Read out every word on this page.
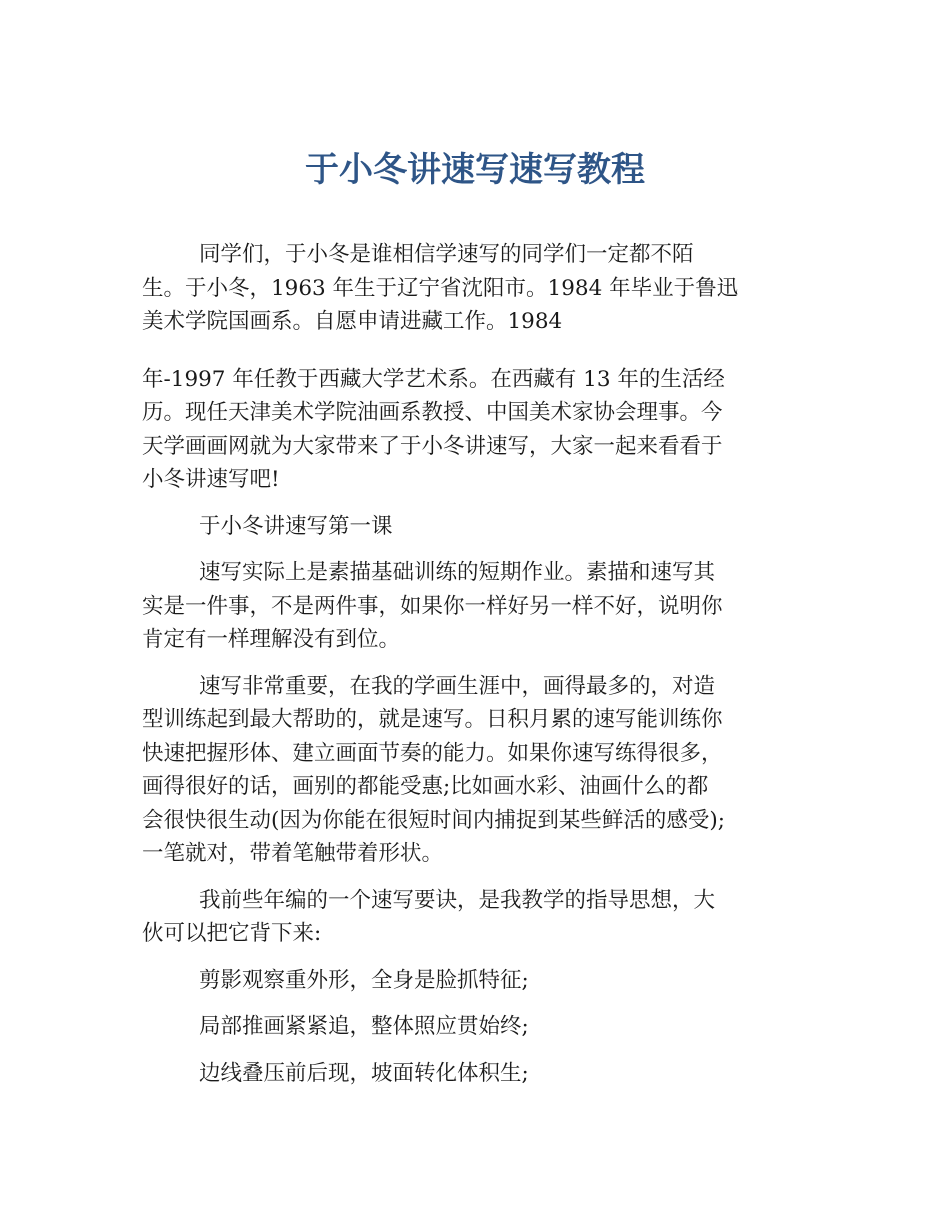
于小冬讲速写速写教程

同学们，于小冬是谁相信学速写的同学们一定都不陌
生。于小冬，1963 年生于辽宁省沈阳市。1984 年毕业于鲁迅
美术学院国画系。自愿申请进藏工作。1984

年-1997 年任教于西藏大学艺术系。在西藏有 13 年的生活经
历。现任天津美术学院油画系教授、中国美术家协会理事。今
天学画画网就为大家带来了于小冬讲速写，大家一起来看看于
小冬讲速写吧!

于小冬讲速写第一课

速写实际上是素描基础训练的短期作业。素描和速写其
实是一件事，不是两件事，如果你一样好另一样不好，说明你
肯定有一样理解没有到位。

速写非常重要，在我的学画生涯中，画得最多的，对造
型训练起到最大帮助的，就是速写。日积月累的速写能训练你
快速把握形体、建立画面节奏的能力。如果你速写练得很多，
画得很好的话，画别的都能受惠;比如画水彩、油画什么的都
会很快很生动(因为你能在很短时间内捕捉到某些鲜活的感受);
一笔就对，带着笔触带着形状。

我前些年编的一个速写要诀，是我教学的指导思想，大
伙可以把它背下来:

剪影观察重外形，全身是脸抓特征;

局部推画紧紧追，整体照应贯始终;

边线叠压前后现，坡面转化体积生;
